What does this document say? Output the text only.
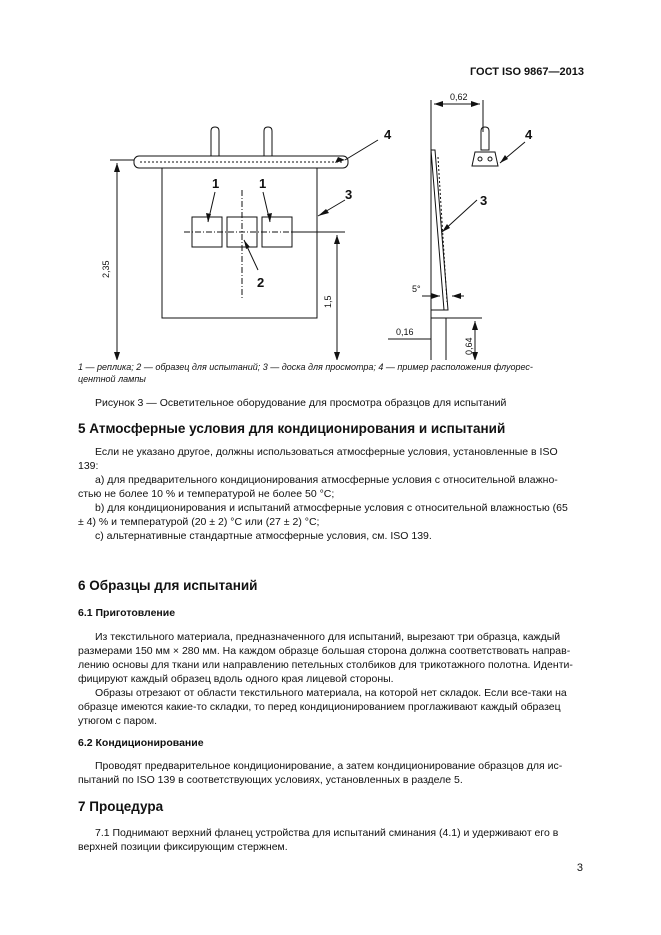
ГОСТ ISO 9867—2013
1	1
2
3
4
3
4
2,35
1,5
0,62
0,16
0,64
5°
1 — реплика; 2 — образец для испытаний; 3 — доска для просмотра; 4 — пример расположения флуорес-
центной лампы
Рисунок 3 — Осветительное оборудование для просмотра образцов для испытаний
5 Атмосферные условия для кондиционирования и испытаний
Если не указано другое, должны использоваться атмосферные условия, установленные в ISO
139:
a) для предварительного кондиционирования атмосферные условия с относительной влажно-
стью не более 10 % и температурой не более 50 °С;
b) для кондиционирования и испытаний атмосферные условия с относительной влажностью (65
± 4) % и температурой (20 ± 2) °С или (27 ± 2) °С;
c) альтернативные стандартные атмосферные условия, см. ISO 139.
6 Образцы для испытаний
6.1 Приготовление
Из текстильного материала, предназначенного для испытаний, вырезают три образца, каждый
размерами 150 мм × 280 мм. На каждом образце большая сторона должна соответствовать направ-
лению основы для ткани или направлению петельных столбиков для трикотажного полотна. Иденти-
фицируют каждый образец вдоль одного края лицевой стороны.
Образы отрезают от области текстильного материала, на которой нет складок. Если все-таки на
образце имеются какие-то складки, то перед кондиционированием проглаживают каждый образец
утюгом с паром.
6.2 Кондиционирование
Проводят предварительное кондиционирование, а затем кондиционирование образцов для ис-
пытаний по ISO 139 в соответствующих условиях, установленных в разделе 5.
7 Процедура
7.1 Поднимают верхний фланец устройства для испытаний сминания (4.1) и удерживают его в
верхней позиции фиксирующим стержнем.
3
